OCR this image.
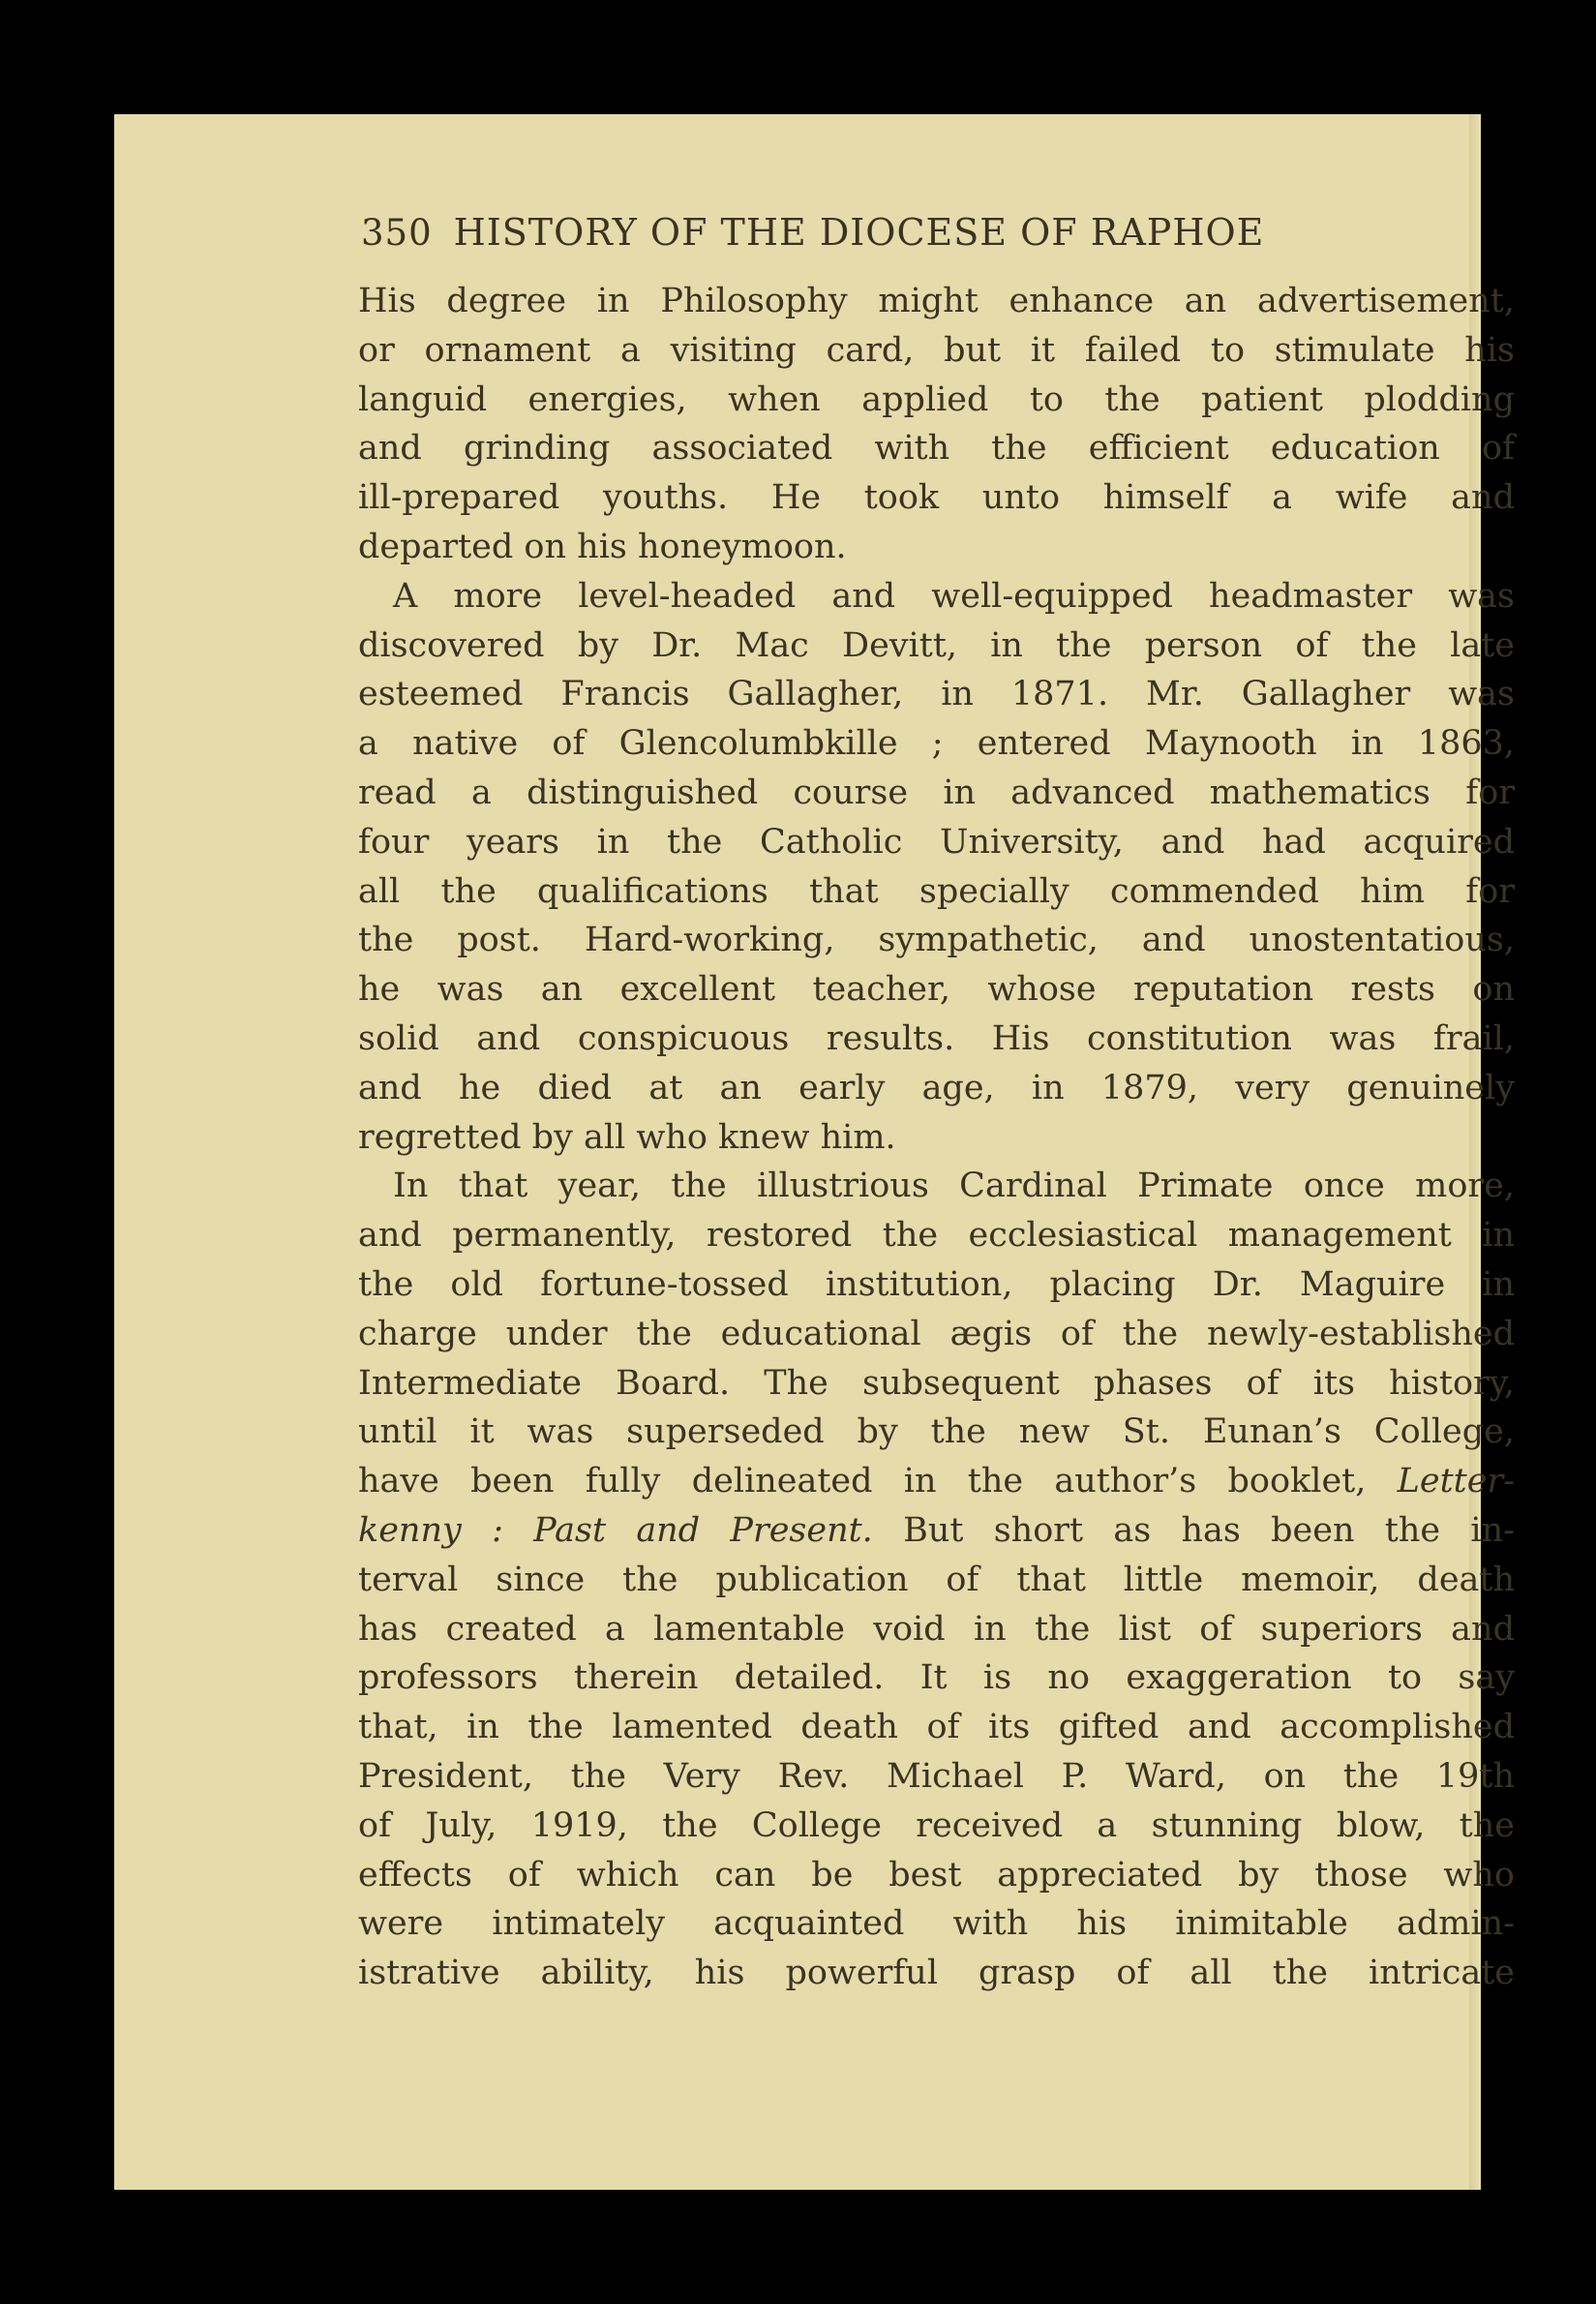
350 HISTORY OF THE DIOCESE OF RAPHOE

His degree in Philosophy might enhance an advertisement,
or ornament a visiting card, but it failed to stimulate his
languid energies, when applied to the patient plodding
and grinding associated with the efficient education of
ill-prepared youths. He took unto himself a wife and
departed on his honeymoon.

A more level-headed and well-equipped headmaster was
discovered by Dr. Mac Devitt, in the person of the late
esteemed Francis Gallagher, in 1871. Mr. Gallagher was
a native of Glencolumbkille ; entered Maynooth in 1863,
read a distinguished course in advanced mathematics for
four years in the Catholic University, and had acquired
all the qualifications that specially commended him for
the post. Hard-working, sympathetic, and unostentatious,
he was an excellent teacher, whose reputation rests on
solid and conspicuous results. His constitution was frail,
and he died at an early age, in 1879, very genuinely
regretted by all who knew him.

In that year, the illustrious Cardinal Primate once more,
and permanently, restored the ecclesiastical management in
the old fortune-tossed institution, placing Dr. Maguire in
charge under the educational ægis of the newly-established
Intermediate Board. The subsequent phases of its history,
until it was superseded by the new St. Eunan’s College,
have been fully delineated in the author’s booklet, Letter-
kenny : Past and Present. But short as has been the in-
terval since the publication of that little memoir, death
has created a lamentable void in the list of superiors and
professors therein detailed. It is no exaggeration to say
that, in the lamented death of its gifted and accomplished
President, the Very Rev. Michael P. Ward, on the 19th
of July, 1919, the College received a stunning blow, the
effects of which can be best appreciated by those who
were intimately acquainted with his inimitable admin-
istrative ability, his powerful grasp of all the intricate
